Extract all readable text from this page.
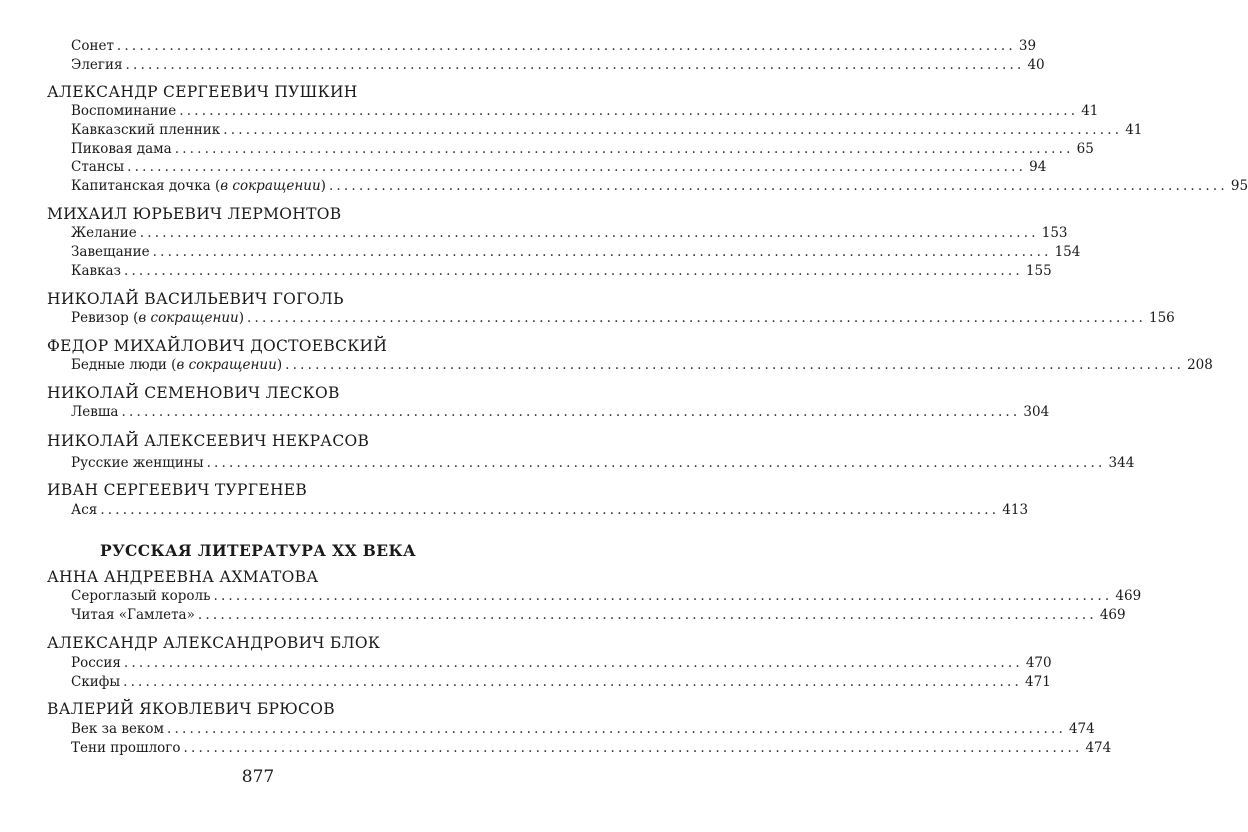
Сонет ........................................................................................................................ 39
Элегия ........................................................................................................................ 40
АЛЕКСАНДР СЕРГЕЕВИЧ ПУШКИН
Воспоминание ........................................................................................................................ 41
Кавказский пленник ........................................................................................................................ 41
Пиковая дама ........................................................................................................................ 65
Стансы ........................................................................................................................ 94
Капитанская дочка (в сокращении) ........................................................................................................................ 95
МИХАИЛ ЮРЬЕВИЧ ЛЕРМОНТОВ
Желание ........................................................................................................................ 153
Завещание ........................................................................................................................ 154
Кавказ ........................................................................................................................ 155
НИКОЛАЙ ВАСИЛЬЕВИЧ ГОГОЛЬ
Ревизор (в сокращении) ........................................................................................................................ 156
ФЕДОР МИХАЙЛОВИЧ ДОСТОЕВСКИЙ
Бедные люди (в сокращении) ........................................................................................................................ 208
НИКОЛАЙ СЕМЕНОВИЧ ЛЕСКОВ
Левша ........................................................................................................................ 304
НИКОЛАЙ АЛЕКСЕЕВИЧ НЕКРАСОВ
Русские женщины ........................................................................................................................ 344
ИВАН СЕРГЕЕВИЧ ТУРГЕНЕВ
Ася ........................................................................................................................ 413
РУССКАЯ ЛИТЕРАТУРА XX ВЕКА
АННА АНДРЕЕВНА АХМАТОВА
Сероглазый король ........................................................................................................................ 469
Читая «Гамлета» ........................................................................................................................ 469
АЛЕКСАНДР АЛЕКСАНДРОВИЧ БЛОК
Россия ........................................................................................................................ 470
Скифы ........................................................................................................................ 471
ВАЛЕРИЙ ЯКОВЛЕВИЧ БРЮСОВ
Век за веком ........................................................................................................................ 474
Тени прошлого ........................................................................................................................ 474
877
